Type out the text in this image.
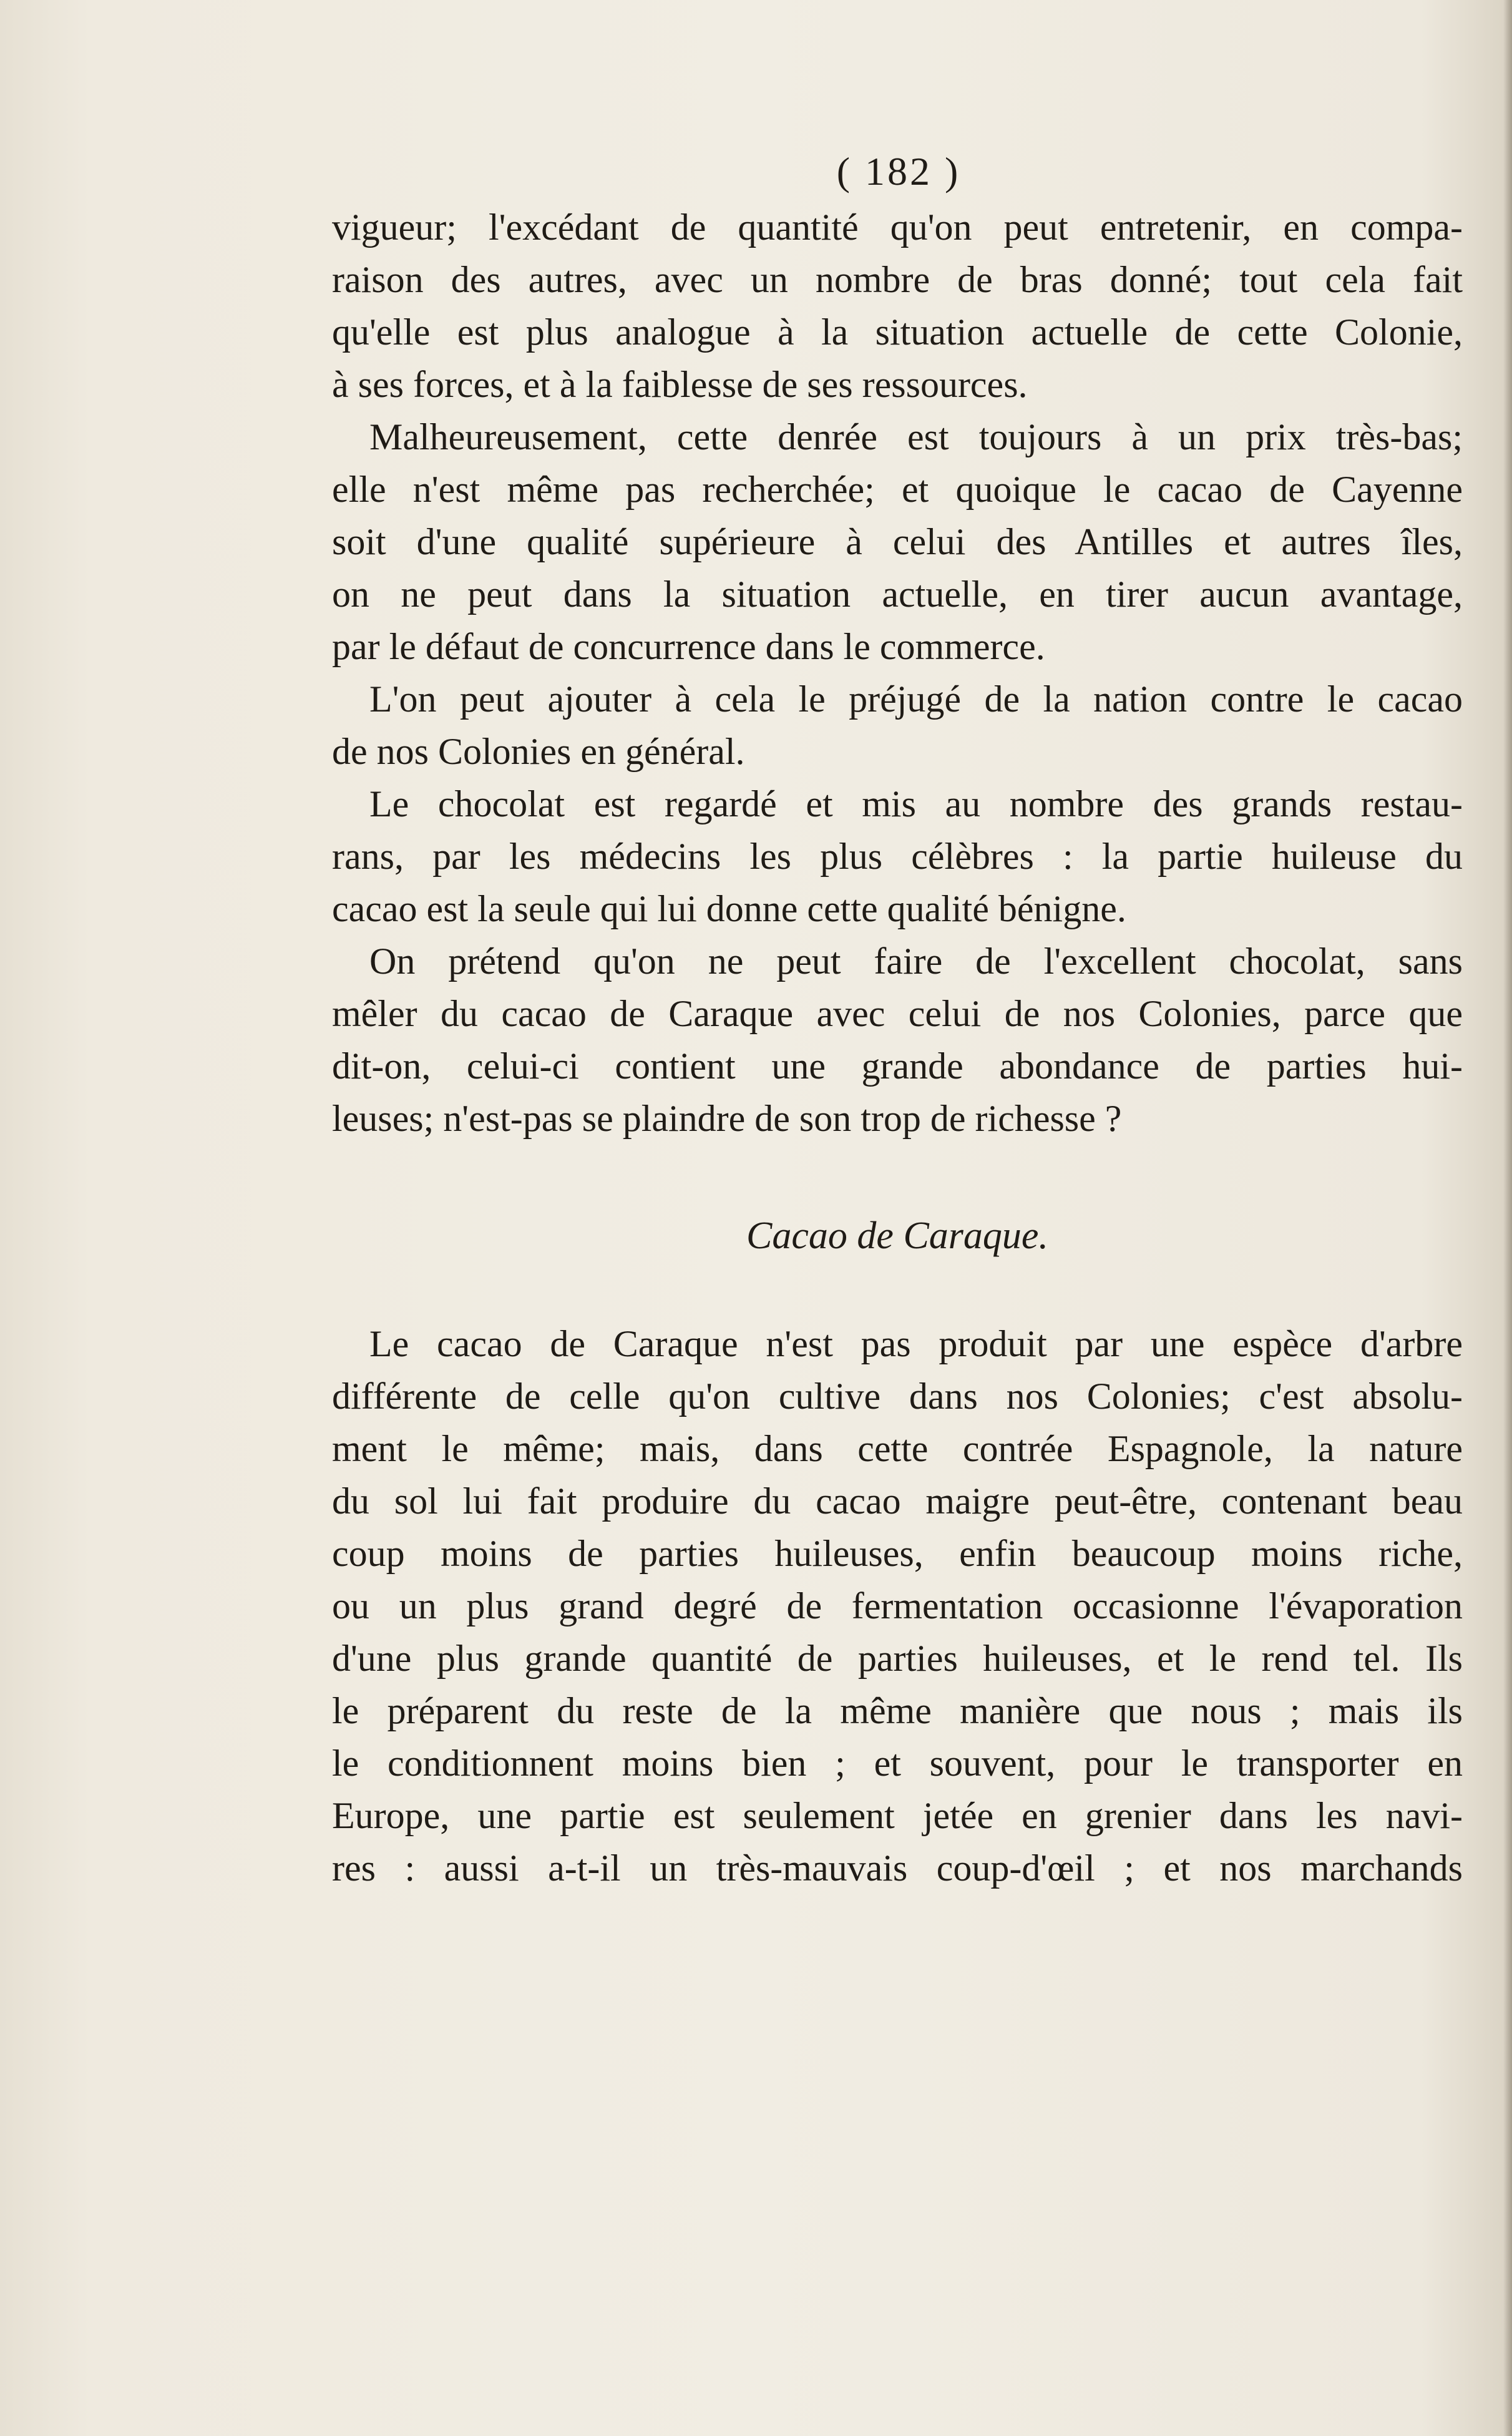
( 182 )
vigueur; l'excédant de quantité qu'on peut entretenir, en compa-
raison des autres, avec un nombre de bras donné; tout cela fait
qu'elle est plus analogue à la situation actuelle de cette Colonie,
à ses forces, et à la faiblesse de ses ressources.
Malheureusement, cette denrée est toujours à un prix très-bas;
elle n'est même pas recherchée; et quoique le cacao de Cayenne
soit d'une qualité supérieure à celui des Antilles et autres îles,
on ne peut dans la situation actuelle, en tirer aucun avantage,
par le défaut de concurrence dans le commerce.
L'on peut ajouter à cela le préjugé de la nation contre le cacao
de nos Colonies en général.
Le chocolat est regardé et mis au nombre des grands restau-
rans, par les médecins les plus célèbres : la partie huileuse du
cacao est la seule qui lui donne cette qualité bénigne.
On prétend qu'on ne peut faire de l'excellent chocolat, sans
mêler du cacao de Caraque avec celui de nos Colonies, parce que
dit-on, celui-ci contient une grande abondance de parties hui-
leuses; n'est-pas se plaindre de son trop de richesse ?
Cacao de Caraque.
Le cacao de Caraque n'est pas produit par une espèce d'arbre
différente de celle qu'on cultive dans nos Colonies; c'est absolu-
ment le même; mais, dans cette contrée Espagnole, la nature
du sol lui fait produire du cacao maigre peut-être, contenant beau
coup moins de parties huileuses, enfin beaucoup moins riche,
ou un plus grand degré de fermentation occasionne l'évaporation
d'une plus grande quantité de parties huileuses, et le rend tel. Ils
le préparent du reste de la même manière que nous ; mais ils
le conditionnent moins bien ; et souvent, pour le transporter en
Europe, une partie est seulement jetée en grenier dans les navi-
res : aussi a-t-il un très-mauvais coup-d'œil ; et nos marchands
